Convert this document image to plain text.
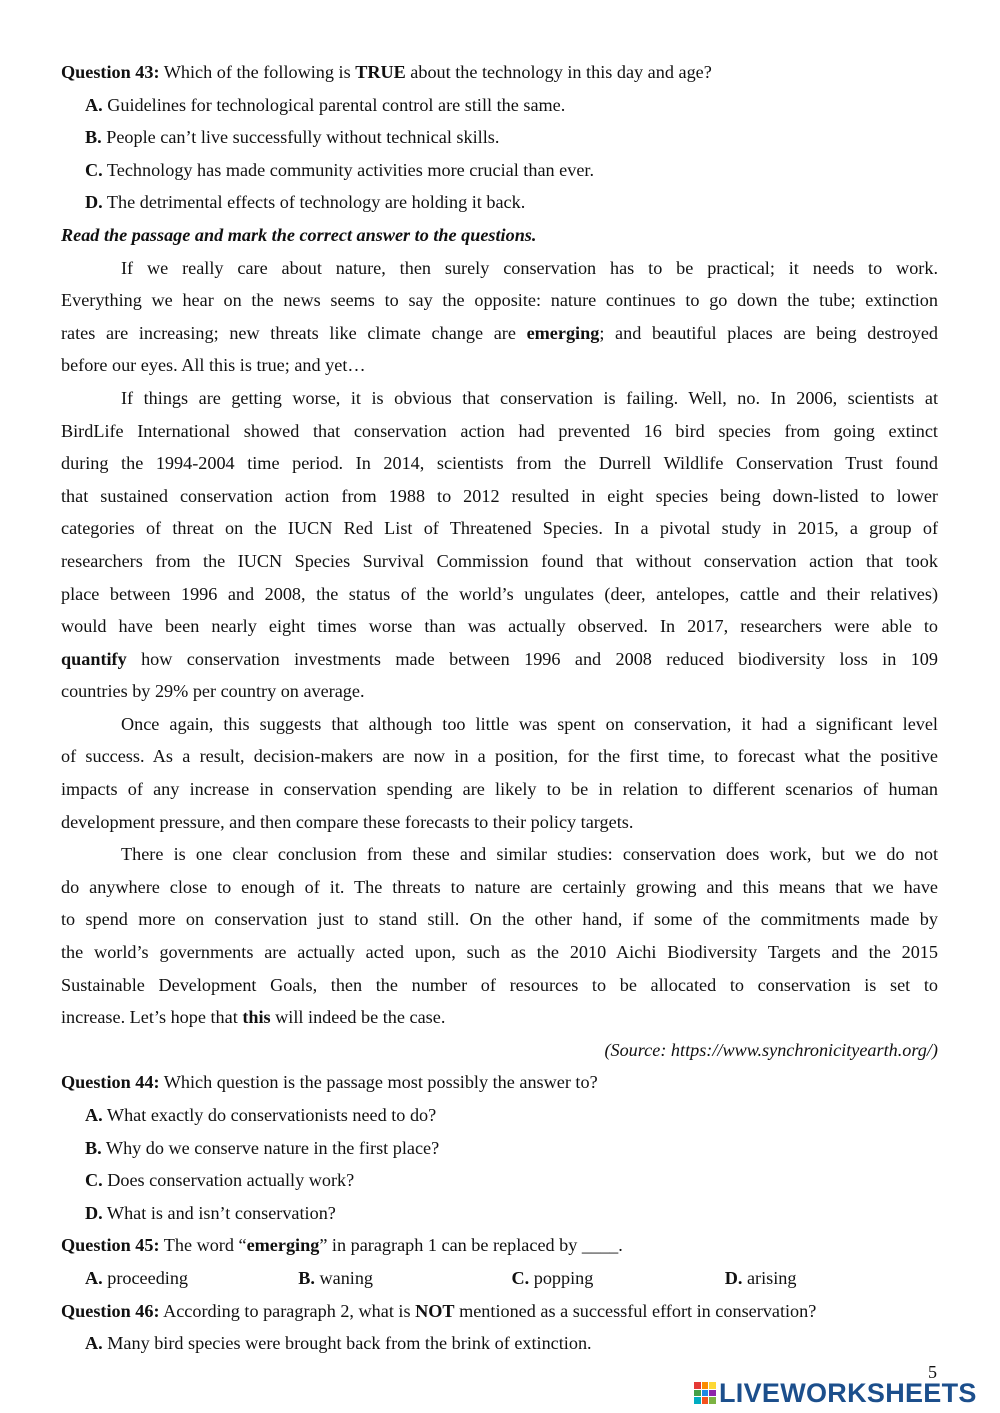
Question 43: Which of the following is TRUE about the technology in this day and age?
A. Guidelines for technological parental control are still the same.
B. People can’t live successfully without technical skills.
C. Technology has made community activities more crucial than ever.
D. The detrimental effects of technology are holding it back.
Read the passage and mark the correct answer to the questions.
If we really care about nature, then surely conservation has to be practical; it needs to work.
Everything we hear on the news seems to say the opposite: nature continues to go down the tube; extinction
rates are increasing; new threats like climate change are emerging; and beautiful places are being destroyed
before our eyes. All this is true; and yet…
If things are getting worse, it is obvious that conservation is failing. Well, no. In 2006, scientists at
BirdLife International showed that conservation action had prevented 16 bird species from going extinct
during the 1994-2004 time period. In 2014, scientists from the Durrell Wildlife Conservation Trust found
that sustained conservation action from 1988 to 2012 resulted in eight species being down-listed to lower
categories of threat on the IUCN Red List of Threatened Species. In a pivotal study in 2015, a group of
researchers from the IUCN Species Survival Commission found that without conservation action that took
place between 1996 and 2008, the status of the world’s ungulates (deer, antelopes, cattle and their relatives)
would have been nearly eight times worse than was actually observed. In 2017, researchers were able to
quantify how conservation investments made between 1996 and 2008 reduced biodiversity loss in 109
countries by 29% per country on average.
Once again, this suggests that although too little was spent on conservation, it had a significant level
of success. As a result, decision-makers are now in a position, for the first time, to forecast what the positive
impacts of any increase in conservation spending are likely to be in relation to different scenarios of human
development pressure, and then compare these forecasts to their policy targets.
There is one clear conclusion from these and similar studies: conservation does work, but we do not
do anywhere close to enough of it. The threats to nature are certainly growing and this means that we have
to spend more on conservation just to stand still. On the other hand, if some of the commitments made by
the world’s governments are actually acted upon, such as the 2010 Aichi Biodiversity Targets and the 2015
Sustainable Development Goals, then the number of resources to be allocated to conservation is set to
increase. Let’s hope that this will indeed be the case.
(Source: https://www.synchronicityearth.org/)
Question 44: Which question is the passage most possibly the answer to?
A. What exactly do conservationists need to do?
B. Why do we conserve nature in the first place?
C. Does conservation actually work?
D. What is and isn’t conservation?
Question 45: The word “emerging” in paragraph 1 can be replaced by ____.
A. proceeding	B. waning	C. popping	D. arising
Question 46: According to paragraph 2, what is NOT mentioned as a successful effort in conservation?
A. Many bird species were brought back from the brink of extinction.
5
LIVEWORKSHEETS
